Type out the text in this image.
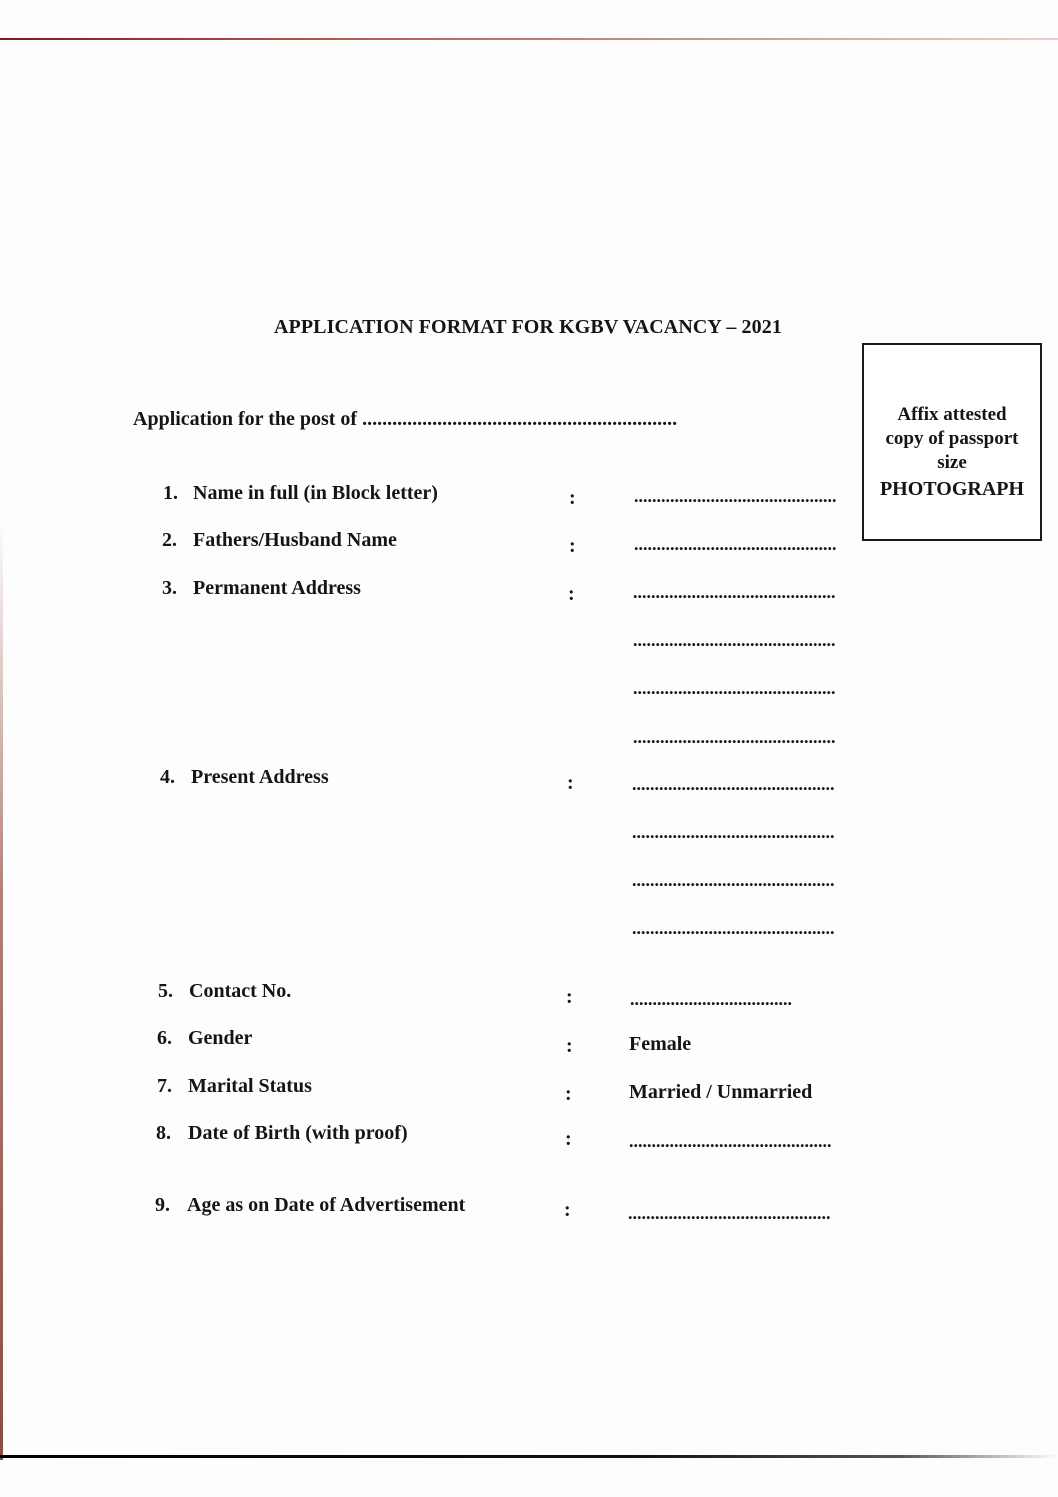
APPLICATION FORMAT FOR KGBV VACANCY – 2021
Application for the post of ...............................................................	Affix attested
copy of passport
size
PHOTOGRAPH
1. Name in full (in Block letter)	:	.............................................
2. Fathers/Husband Name	:	.............................................
3. Permanent Address	:	.............................................
.............................................
.............................................
.............................................
4. Present Address	:	.............................................
.............................................
.............................................
.............................................
5. Contact No.	:	....................................
6. Gender	:	Female
7. Marital Status	:	Married / Unmarried
8. Date of Birth (with proof)	:	.............................................
9. Age as on Date of Advertisement	:	.............................................
